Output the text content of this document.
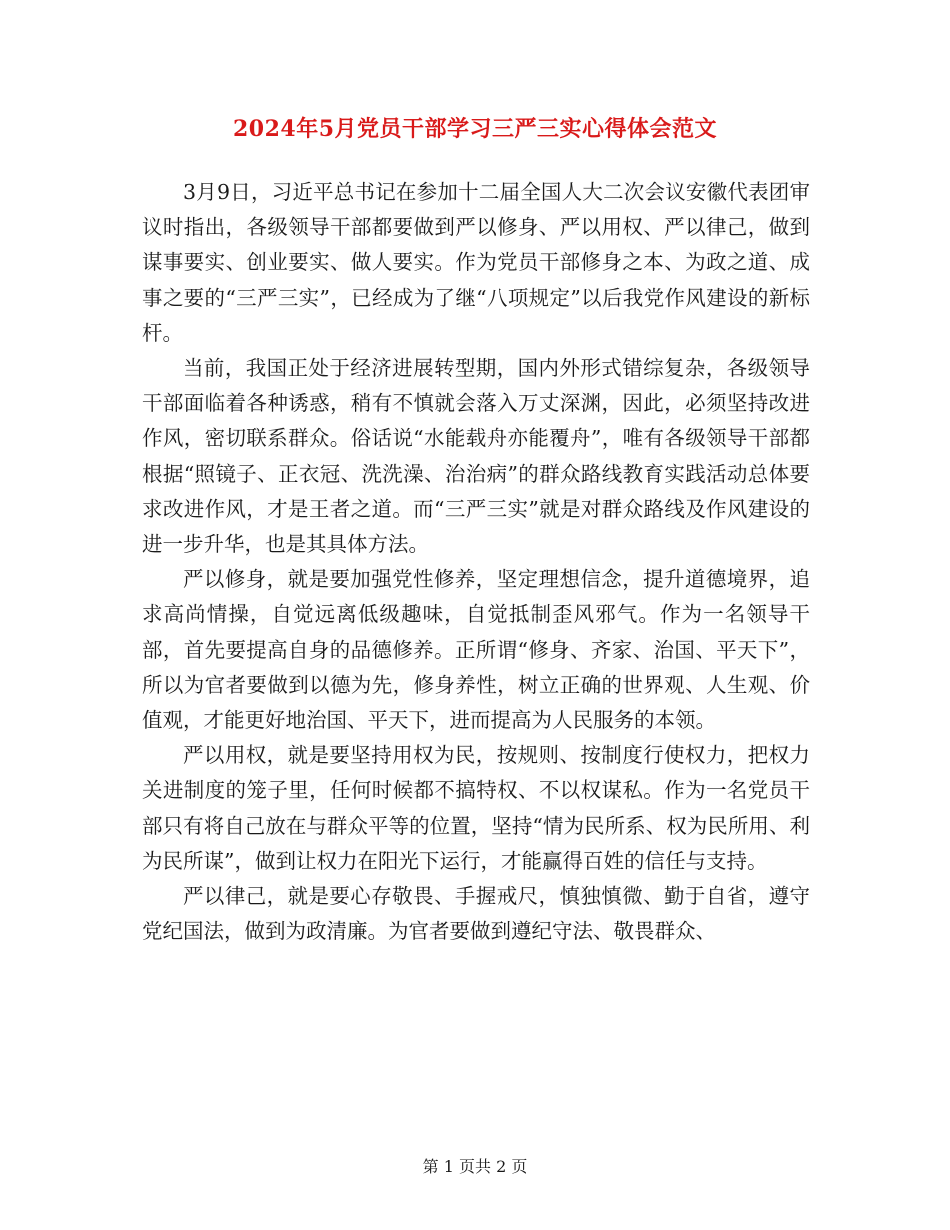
2024年5月党员干部学习三严三实心得体会范文

3月9日，习近平总书记在参加十二届全国人大二次会议安徽代表团审议时指出，各级领导干部都要做到严以修身、严以用权、严以律己，做到谋事要实、创业要实、做人要实。作为党员干部修身之本、为政之道、成事之要的“三严三实”，已经成为了继“八项规定”以后我党作风建设的新标杆。

当前，我国正处于经济进展转型期，国内外形式错综复杂，各级领导干部面临着各种诱惑，稍有不慎就会落入万丈深渊，因此，必须坚持改进作风，密切联系群众。俗话说“水能载舟亦能覆舟”，唯有各级领导干部都根据“照镜子、正衣冠、洗洗澡、治治病”的群众路线教育实践活动总体要求改进作风，才是王者之道。而“三严三实”就是对群众路线及作风建设的进一步升华，也是其具体方法。

严以修身，就是要加强党性修养，坚定理想信念，提升道德境界，追求高尚情操，自觉远离低级趣味，自觉抵制歪风邪气。作为一名领导干部，首先要提高自身的品德修养。正所谓“修身、齐家、治国、平天下”，所以为官者要做到以德为先，修身养性，树立正确的世界观、人生观、价值观，才能更好地治国、平天下，进而提高为人民服务的本领。

严以用权，就是要坚持用权为民，按规则、按制度行使权力，把权力关进制度的笼子里，任何时候都不搞特权、不以权谋私。作为一名党员干部只有将自己放在与群众平等的位置，坚持“情为民所系、权为民所用、利为民所谋”，做到让权力在阳光下运行，才能赢得百姓的信任与支持。

严以律己，就是要心存敬畏、手握戒尺，慎独慎微、勤于自省，遵守党纪国法，做到为政清廉。为官者要做到遵纪守法、敬畏群众、

第 1 页共 2 页
